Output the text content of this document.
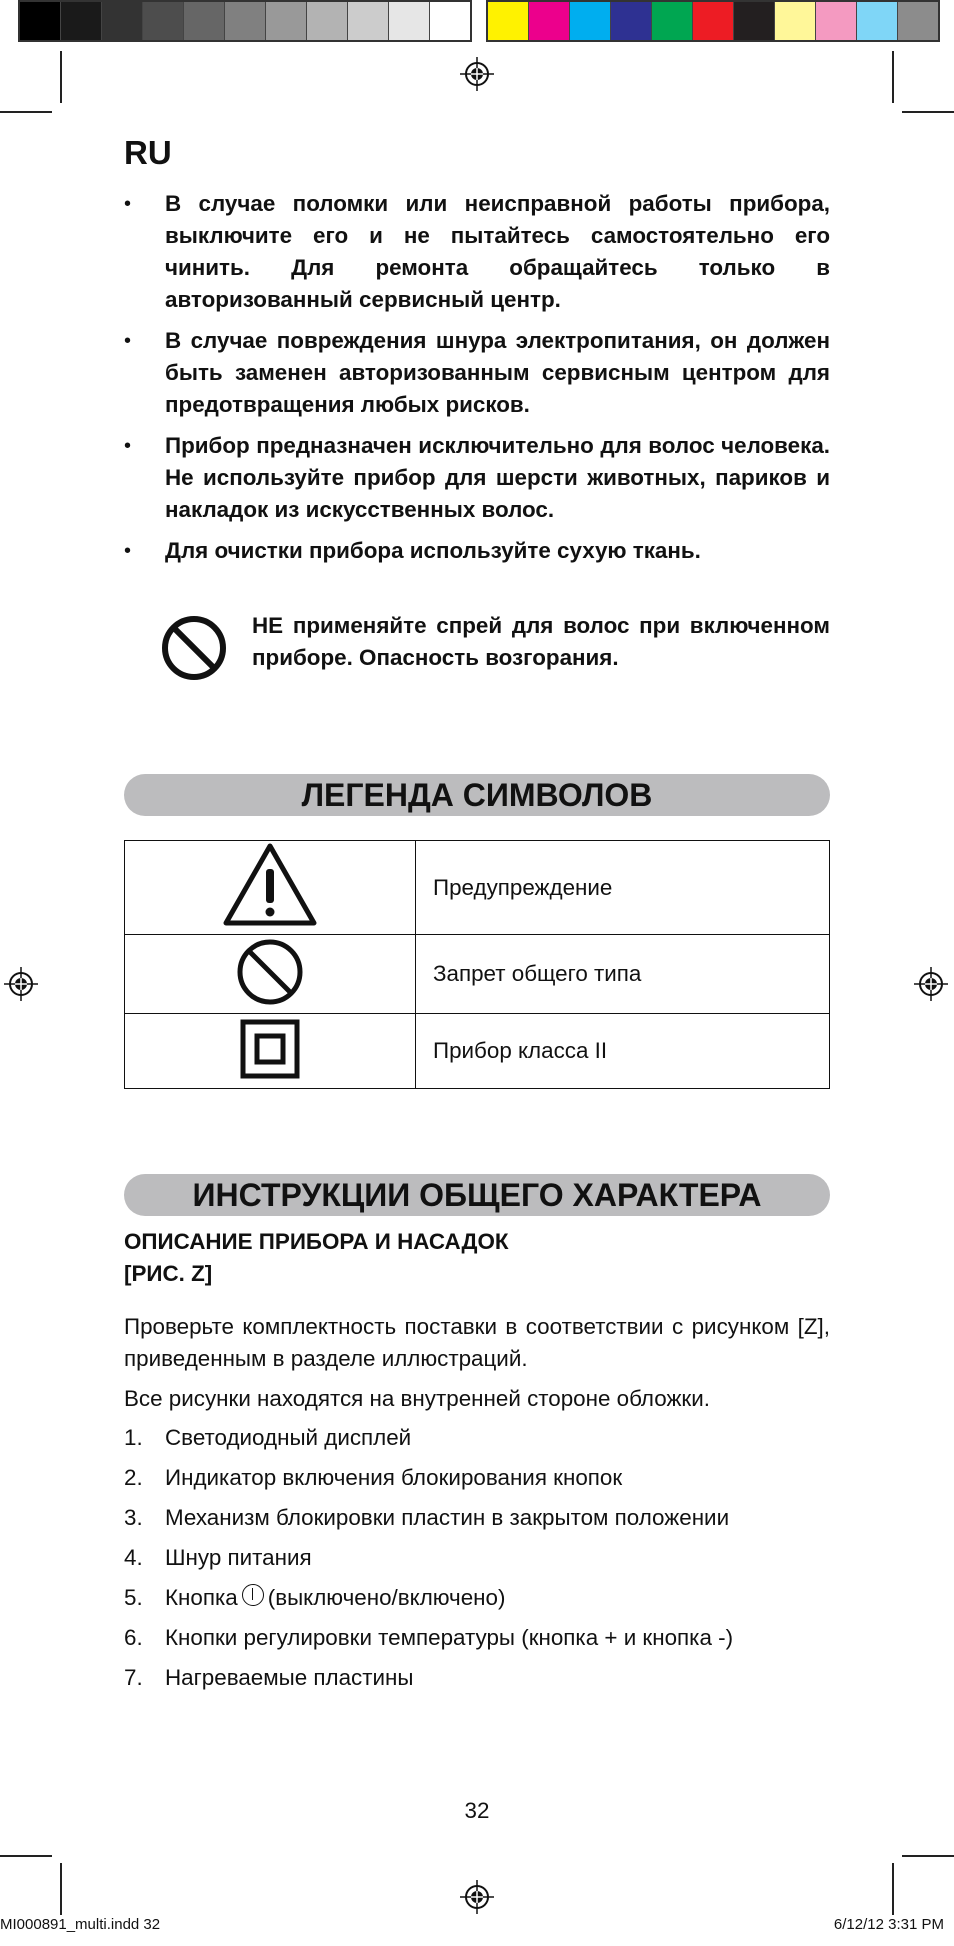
RU
• В случае поломки или неисправной работы прибора, выключите его и не пытайтесь самостоятельно его чинить. Для ремонта обращайтесь только в авторизованный сервисный центр.
• В случае повреждения шнура электропитания, он должен быть заменен авторизованным сервисным центром для предотвращения любых рисков.
• Прибор предназначен исключительно для волос человека. Не используйте прибор для шерсти животных, париков и накладок из искусственных волос.
• Для очистки прибора используйте сухую ткань.
НЕ применяйте спрей для волос при включенном приборе. Опасность возгорания.
ЛЕГЕНДА СИМВОЛОВ
	Предупреждение
	Запрет общего типа
	Прибор класса II
ИНСТРУКЦИИ ОБЩЕГО ХАРАКТЕРА
ОПИСАНИЕ ПРИБОРА И НАСАДОК
[РИС. Z]
Проверьте комплектность поставки в соответствии с рисунком [Z], приведенным в разделе иллюстраций.
Все рисунки находятся на внутренней стороне обложки.
1. Светодиодный дисплей
2. Индикатор включения блокирования кнопок
3. Механизм блокировки пластин в закрытом положении
4. Шнур питания
5. Кнопка (выключено/включено)
6. Кнопки регулировки температуры (кнопка + и кнопка -)
7. Нагреваемые пластины
32
MI000891_multi.indd 32	6/12/12 3:31 PM
